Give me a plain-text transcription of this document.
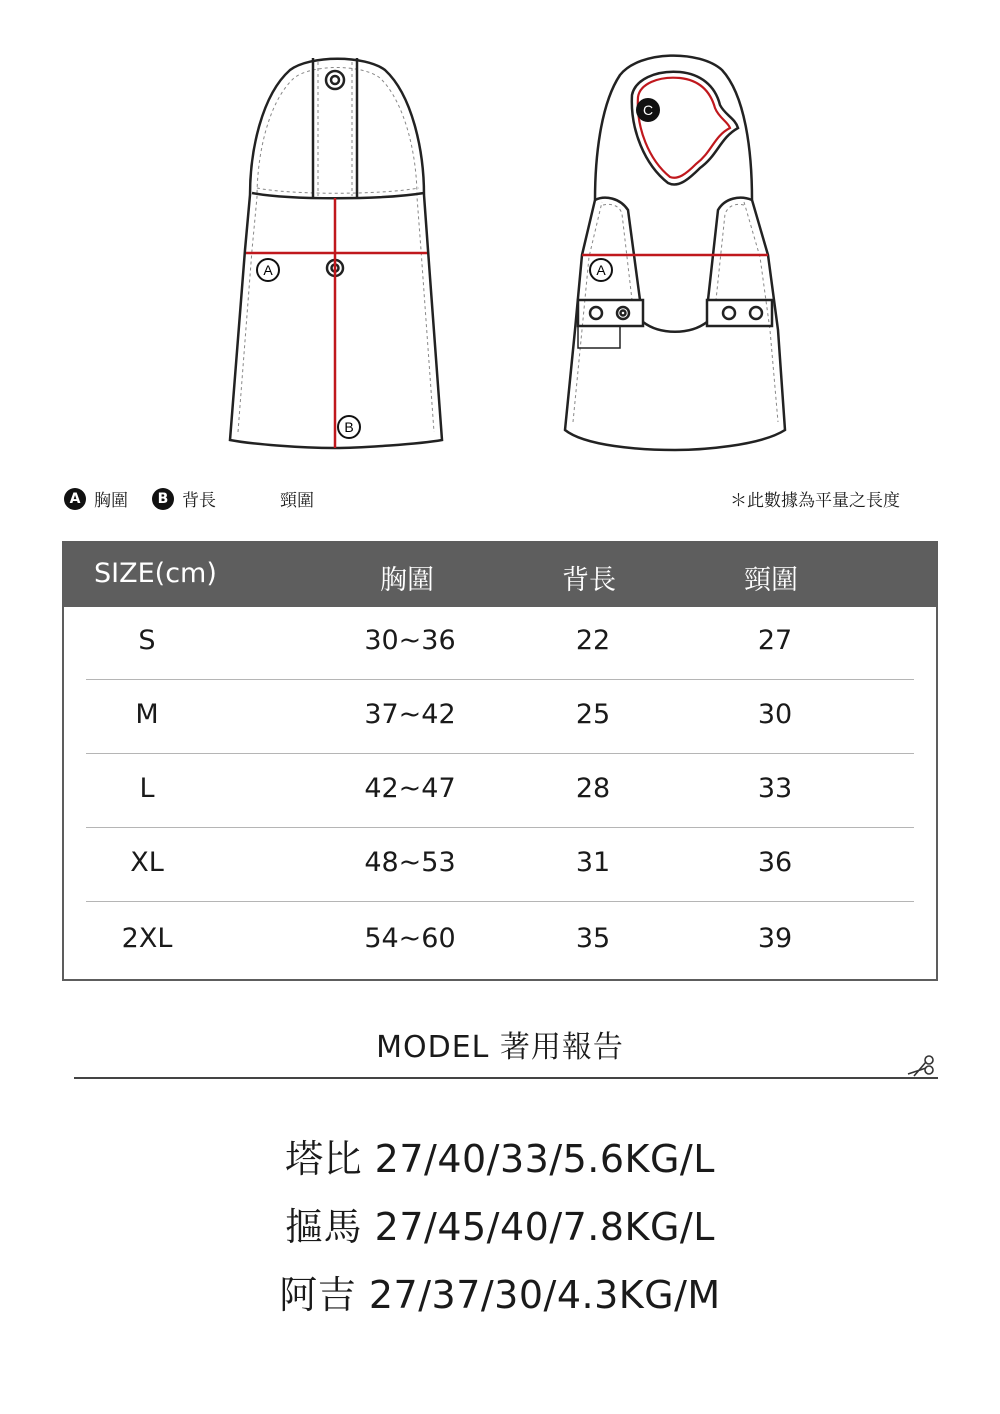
A
B
A
C
A 胸圍	B 背長	頸圍	＊此數據為平量之長度
SIZE(cm)	胸圍	背長	頸圍
S	30~36	22	27
M	37~42	25	30
L	42~47	28	33
XL	48~53	31	36
2XL	54~60	35	39
MODEL 著用報告
塔比 27/40/33/5.6KG/L
摳馬 27/45/40/7.8KG/L
阿吉 27/37/30/4.3KG/M
